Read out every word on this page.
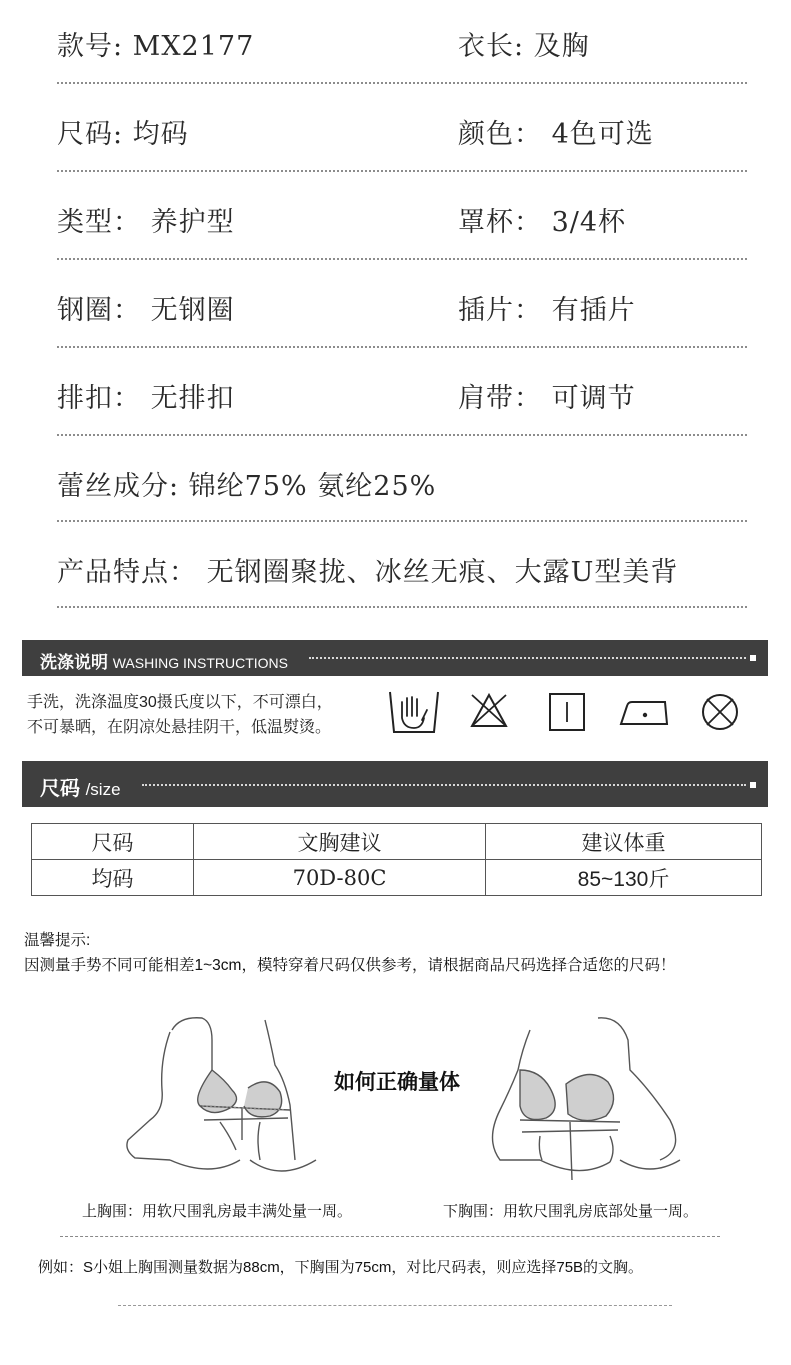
款号: MX2177	衣长: 及胸
尺码: 均码	颜色： 4色可选
类型： 养护型	罩杯： 3/4杯
钢圈： 无钢圈	插片： 有插片
排扣： 无排扣	肩带： 可调节
蕾丝成分: 锦纶75% 氨纶25%
产品特点： 无钢圈聚拢、冰丝无痕、大露U型美背
洗涤说明 WASHING INSTRUCTIONS
手洗，洗涤温度30摄氏度以下，不可漂白，
不可暴晒，在阴凉处悬挂阴干，低温熨烫。
尺码 /size
尺码	文胸建议	建议体重
均码	70D-80C	85~130斤
温馨提示:
因测量手势不同可能相差1~3cm，模特穿着尺码仅供参考，请根据商品尺码选择合适您的尺码！
如何正确量体
上胸围：用软尺围乳房最丰满处量一周。	下胸围：用软尺围乳房底部处量一周。
例如：S小姐上胸围测量数据为88cm，下胸围为75cm，对比尺码表，则应选择75B的文胸。
